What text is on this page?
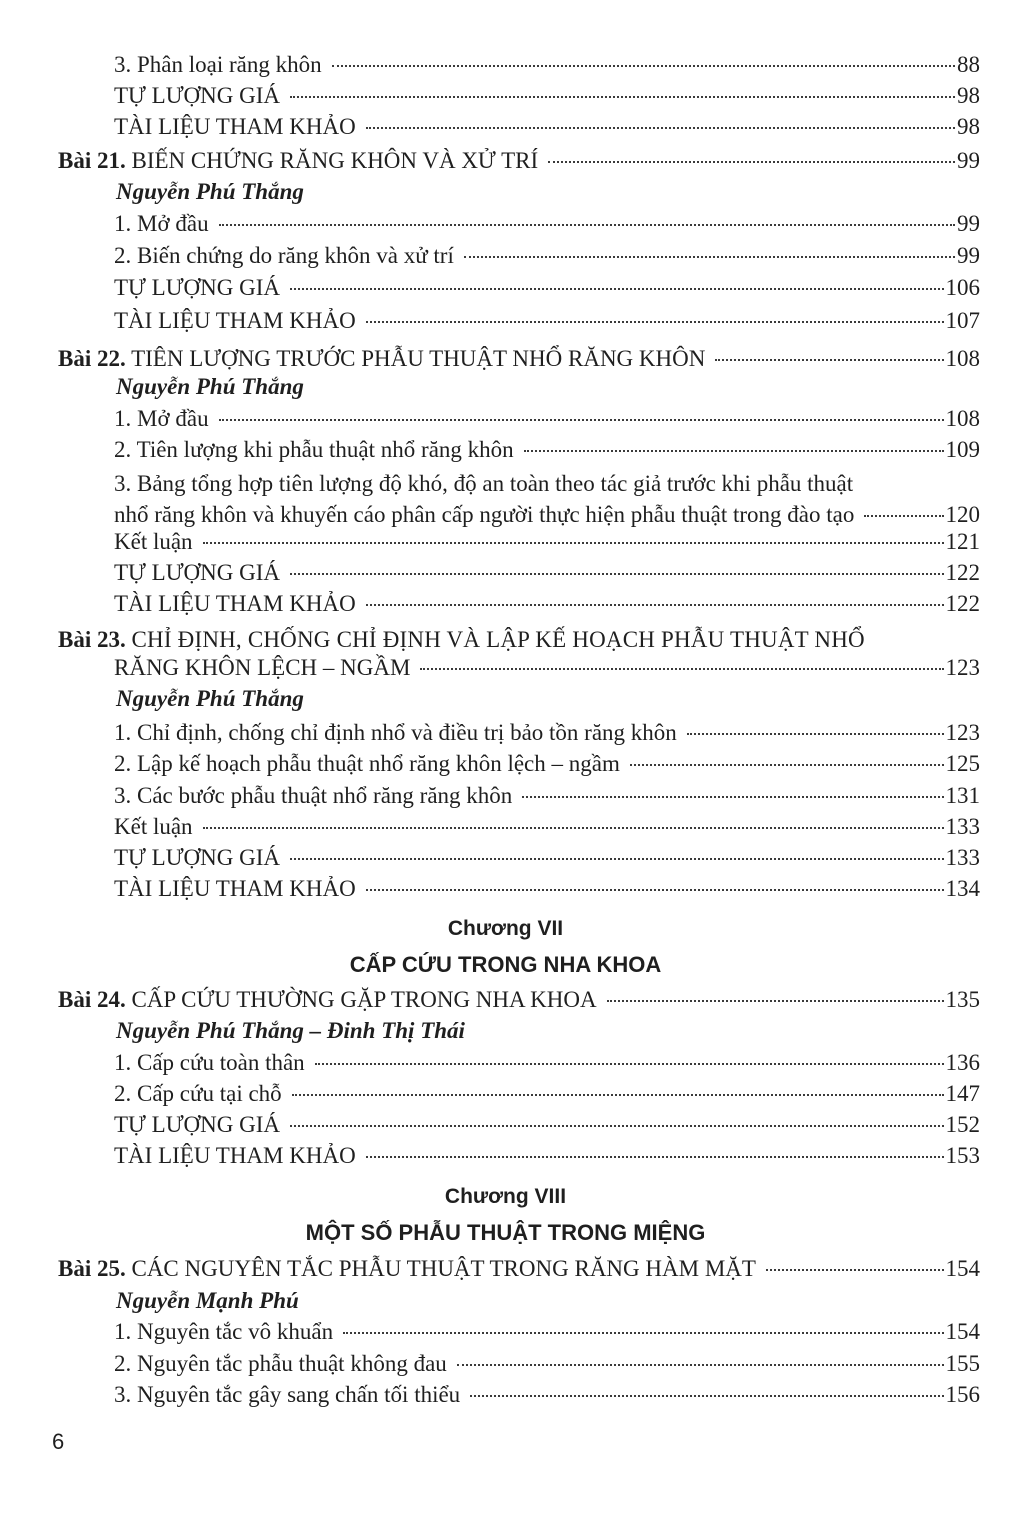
3. Phân loại răng khôn	88
TỰ LƯỢNG GIÁ	98
TÀI LIỆU THAM KHẢO	98
Bài 21. BIẾN CHỨNG RĂNG KHÔN VÀ XỬ TRÍ	99
Nguyễn Phú Thắng
1. Mở đầu	99
2. Biến chứng do răng khôn và xử trí	99
TỰ LƯỢNG GIÁ	106
TÀI LIỆU THAM KHẢO	107
Bài 22. TIÊN LƯỢNG TRƯỚC PHẪU THUẬT NHỔ RĂNG KHÔN	108
Nguyễn Phú Thắng
1. Mở đầu	108
2. Tiên lượng khi phẫu thuật nhổ răng khôn	109
3. Bảng tổng hợp tiên lượng độ khó, độ an toàn theo tác giả trước khi phẫu thuật
nhổ răng khôn và khuyến cáo phân cấp người thực hiện phẫu thuật trong đào tạo	120
Kết luận	121
TỰ LƯỢNG GIÁ	122
TÀI LIỆU THAM KHẢO	122
Bài 23. CHỈ ĐỊNH, CHỐNG CHỈ ĐỊNH VÀ LẬP KẾ HOẠCH PHẪU THUẬT NHỔ
RĂNG KHÔN LỆCH – NGẦM	123
Nguyễn Phú Thắng
1. Chỉ định, chống chỉ định nhổ và điều trị bảo tồn răng khôn	123
2. Lập kế hoạch phẫu thuật nhổ răng khôn lệch – ngầm	125
3. Các bước phẫu thuật nhổ răng răng khôn	131
Kết luận	133
TỰ LƯỢNG GIÁ	133
TÀI LIỆU THAM KHẢO	134
Chương VII
CẤP CỨU TRONG NHA KHOA
Bài 24. CẤP CỨU THƯỜNG GẶP TRONG NHA KHOA	135
Nguyễn Phú Thắng – Đinh Thị Thái
1. Cấp cứu toàn thân	136
2. Cấp cứu tại chỗ	147
TỰ LƯỢNG GIÁ	152
TÀI LIỆU THAM KHẢO	153
Chương VIII
MỘT SỐ PHẪU THUẬT TRONG MIỆNG
Bài 25. CÁC NGUYÊN TẮC PHẪU THUẬT TRONG RĂNG HÀM MẶT	154
Nguyễn Mạnh Phú
1. Nguyên tắc vô khuẩn	154
2. Nguyên tắc phẫu thuật không đau	155
3. Nguyên tắc gây sang chấn tối thiểu	156
6
